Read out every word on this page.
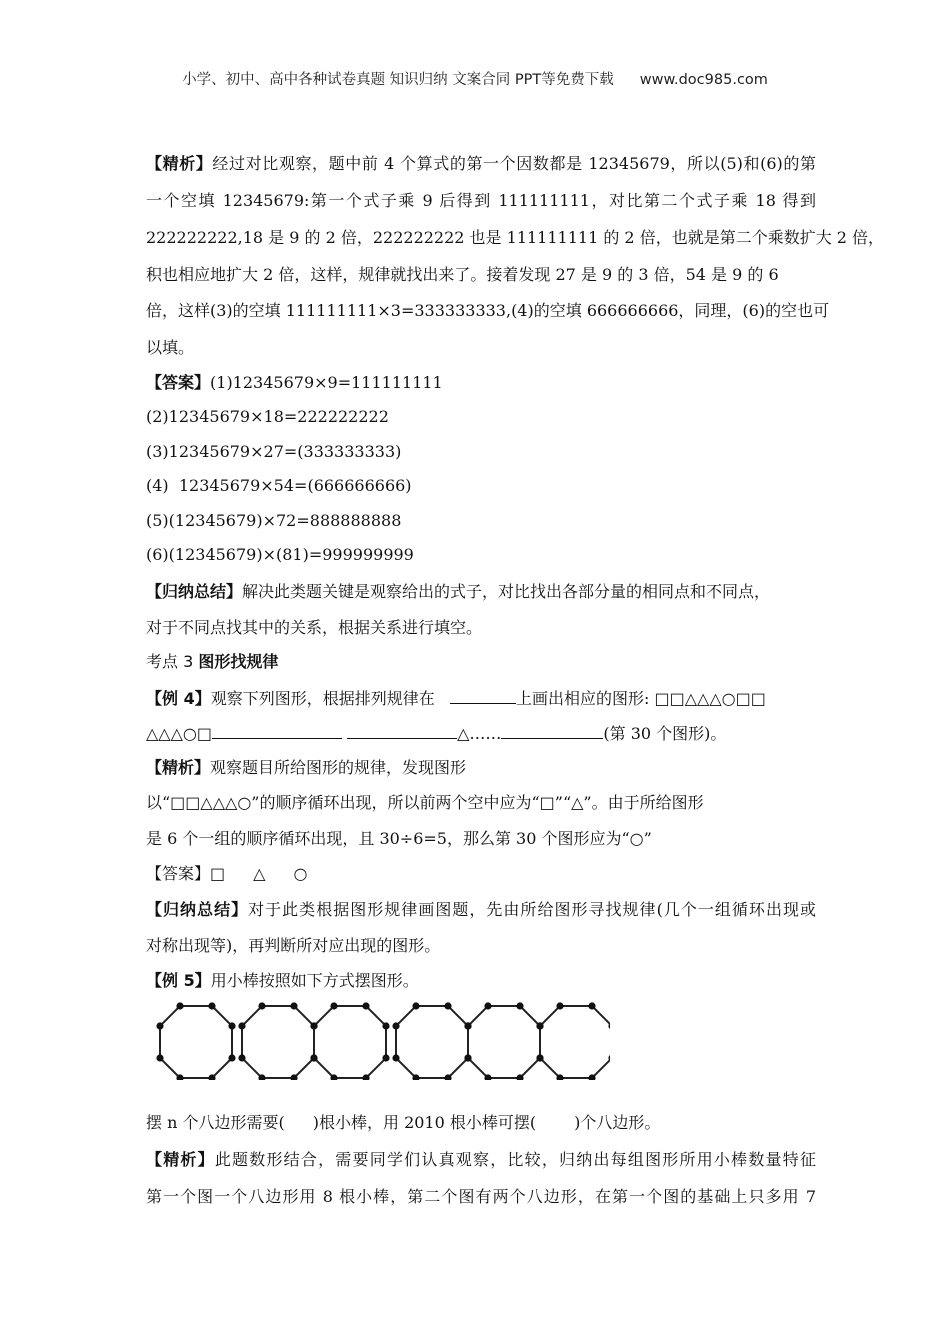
小学、初中、高中各种试卷真题 知识归纳 文案合同 PPT等免费下载 www.doc985.com
【精析】经过对比观察，题中前 4 个算式的第一个因数都是 12345679，所以(5)和(6)的第
一个空填 12345679:第一个式子乘 9 后得到 111111111，对比第二个式子乘 18 得到
222222222,18 是 9 的 2 倍，222222222 也是 111111111 的 2 倍，也就是第二个乘数扩大 2 倍，
积也相应地扩大 2 倍，这样，规律就找出来了。接着发现 27 是 9 的 3 倍，54 是 9 的 6
倍，这样(3)的空填 111111111×3=333333333,(4)的空填 666666666，同理，(6)的空也可
以填。
【答案】(1)12345679×9=111111111
(2)12345679×18=222222222
(3)12345679×27=(333333333)
(4)  12345679×54=(666666666)
(5)(12345679)×72=888888888
(6)(12345679)×(81)=999999999
【归纳总结】解决此类题关键是观察给出的式子，对比找出各部分量的相同点和不同点，
对于不同点找其中的关系，根据关系进行填空。
考点 3 图形找规律
【例 4】观察下列图形，根据排列规律在	上画出相应的图形: □□△△△○□□
△△△○□	△……	(第 30 个图形)。
【精析】观察题目所给图形的规律，发现图形
以“□□△△△○”的顺序循环出现，所以前两个空中应为“□”“△”。由于所给图形
是 6 个一组的顺序循环出现，且 30÷6=5，那么第 30 个图形应为“○”
【答案】□ △ ○
【归纳总结】对于此类根据图形规律画图题，先由所给图形寻找规律(几个一组循环出现或
对称出现等)，再判断所对应出现的图形。
【例 5】用小棒按照如下方式摆图形。
摆 n 个八边形需要( )根小棒，用 2010 根小棒可摆( )个八边形。
【精析】此题数形结合，需要同学们认真观察，比较，归纳出每组图形所用小棒数量特征
第一个图一个八边形用 8 根小棒，第二个图有两个八边形，在第一个图的基础上只多用 7
